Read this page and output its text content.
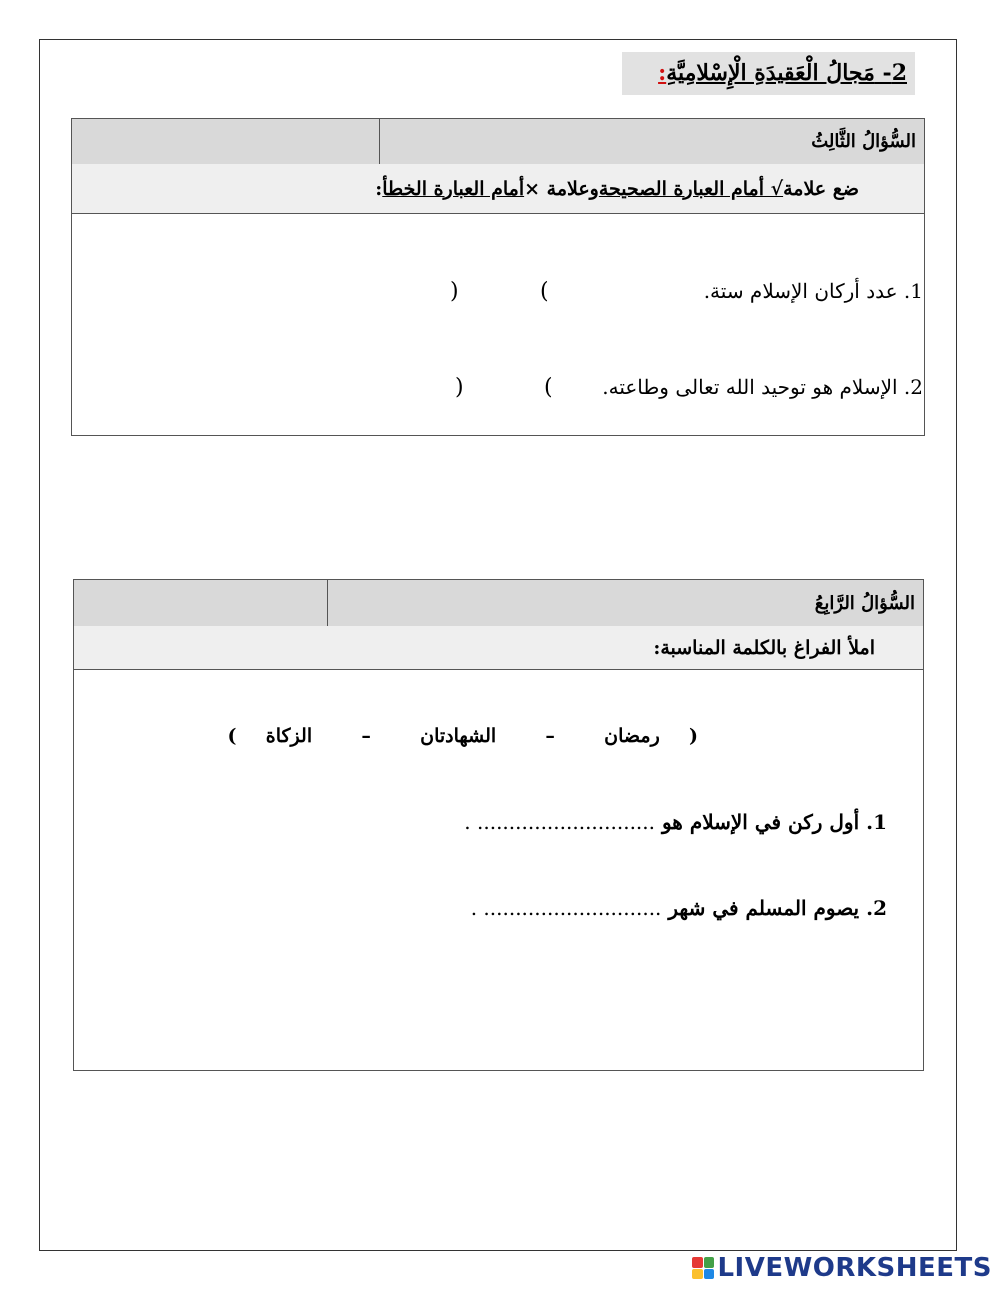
2- مَجالُ الْعَقيدَةِ الْإِسْلامِيَّةِ:
السُّؤالُ الثَّالِثُ
ضع علامة
√ أمام العبارة الصحيحة
وعلامة ×
أمام العبارة الخطأ
:
1. عدد أركان الإسلام ستة.
(
)
2. الإسلام هو توحيد الله تعالى وطاعته.
(
)
السُّؤالُ الرَّابِعُ
املأ الفراغ بالكلمة المناسبة:
(  رمضان  –  الشهادتان  –  الزكاة  )
1. أول ركن في الإسلام هو ............................ .
2. يصوم المسلم في شهر ............................ .
LIVEWORKSHEETS
